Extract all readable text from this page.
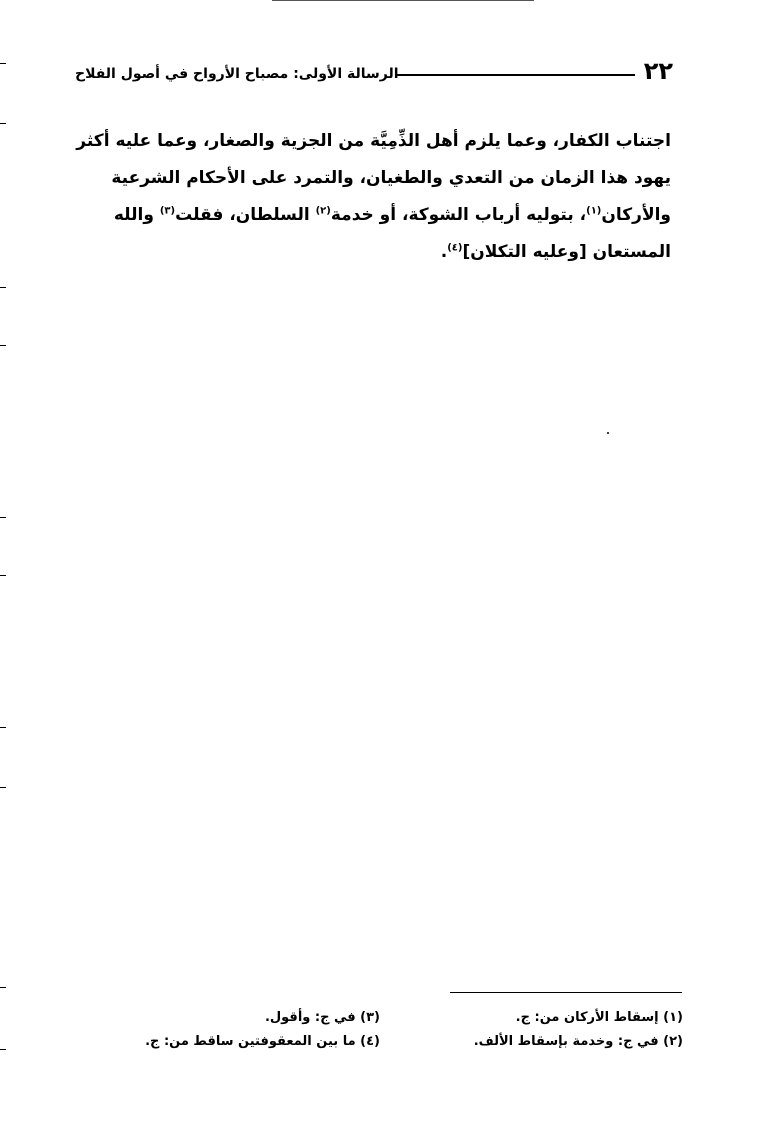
٢٢
الرسالة الأولى: مصباح الأرواح في أصول الفلاح
اجتناب الكفار، وعما يلزم أهل الذِّمِيَّة من الجزية والصغار، وعما عليه أكثر
يهود هذا الزمان من التعدي والطغيان، والتمرد على الأحكام الشرعية
والأركان$^{(١)}$، بتوليه أرباب الشوكة، أو خدمة$^{(٢)}$ السلطان، فقلت$^{(٣)}$ والله
المستعان [وعليه التكلان]$^{(٤)}$.
(١) إسقاط الأركان من: ج.
(٢) في ج: وخدمة بإسقاط الألف.
(٣) في ج: وأقول.
(٤) ما بين المعقوفتين ساقط من: ج.
